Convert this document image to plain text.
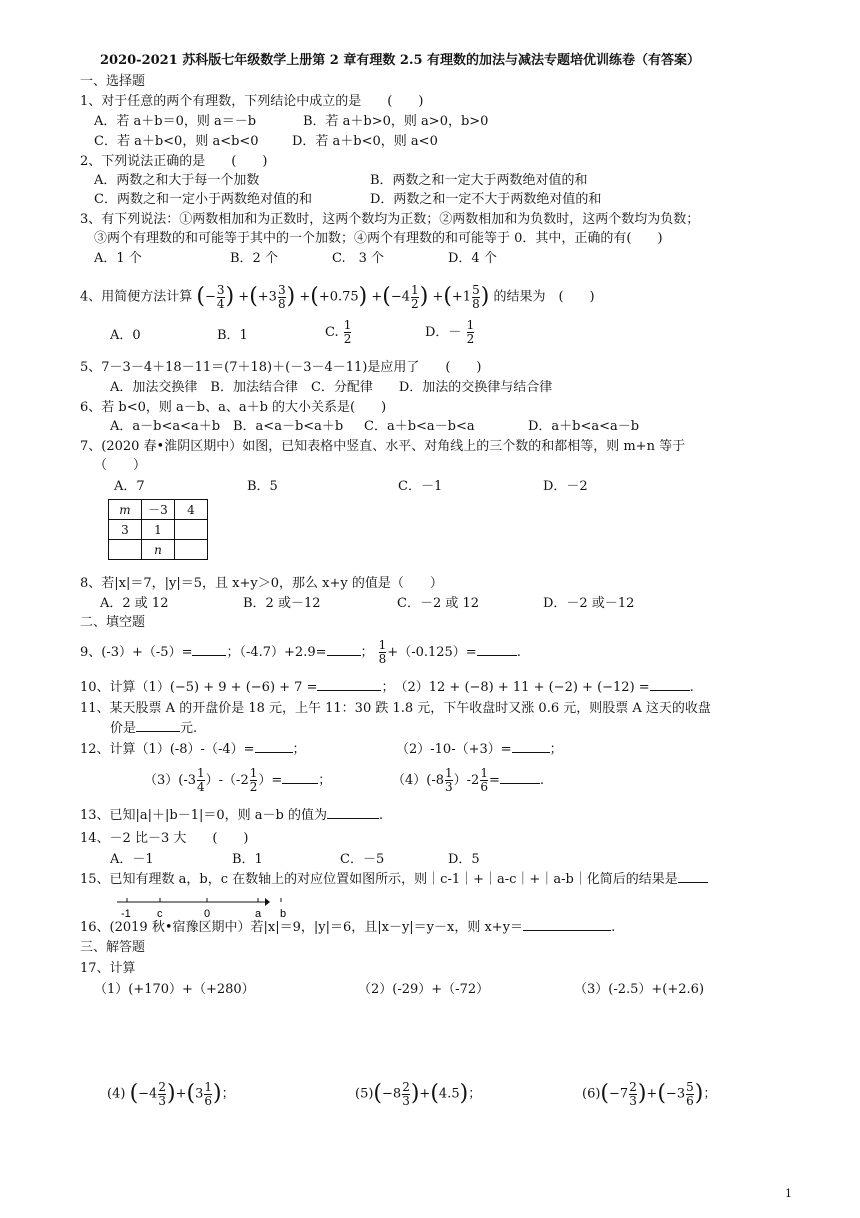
2020-2021 苏科版七年级数学上册第 2 章有理数 2.5 有理数的加法与减法专题培优训练卷（有答案）
一、选择题
1、对于任意的两个有理数，下列结论中成立的是　　(　　)
A．若 a＋b＝0，则 a＝－b	B．若 a＋b>0，则 a>0，b>0
C．若 a＋b<0，则 a<b<0	D．若 a＋b<0，则 a<0
2、下列说法正确的是　　(　　)
A．两数之和大于每一个加数	B．两数之和一定大于两数绝对值的和
C．两数之和一定小于两数绝对值的和	D．两数之和一定不大于两数绝对值的和
3、有下列说法：①两数相加和为正数时，这两个数均为正数；②两数相加和为负数时，这两个数均为负数；
③两个有理数的和可能等于其中的一个加数；④两个有理数的和可能等于 0．其中，正确的有(　　)
A．1 个	B．2 个	C.　3 个	D．4 个
4、用简便方法计算 (− $\frac{3}{4}$ ) $+(+3 \frac{3}{8}$ ) $+(+0.75) +(-4 \frac{1}{2}$ ) $+(+1 \frac{5}{8}$ ) 的结果为　(　　)
A．0	B．1	C. $\frac{1}{2}$	D．－ $\frac{1}{2}$
5、7－3－4＋18－11＝(7＋18)＋(－3－4－11)是应用了　　(　　)
A．加法交换律　B．加法结合律　C．分配律　　D．加法的交换律与结合律
6、若 b<0，则 a－b、a、a＋b 的大小关系是(　　)
A．a－b<a<a＋b B．a<a－b<a＋b C．a＋b<a－b<a	D．a＋b<a<a－b
7、(2020 春•淮阴区期中）如图，已知表格中竖直、水平、对角线上的三个数的和都相等，则 m+n 等于
（　　）
A．7	B．5	C．－1	D．－2
m	－3	4
3	1	
	n	
8、若|x|＝7，|y|＝5，且 x+y＞0，那么 x+y 的值是（　　）
A．2 或 12	B．2 或－12	C．－2 或 12	D．－2 或－12
二、填空题
9、(-3）+（-5）=	；（-4.7）+2.9=	； $\frac{1}{8} +(-0.125)=$	.
10、计算（1）(−5) + 9 + (−6) + 7 =	；　（2）12 + (−8) + 11 + (−2) + (−12) =	.
11、某天股票 A 的开盘价是 18 元，上午 11：30 跌 1.8 元，下午收盘时又涨 0.6 元，则股票 A 这天的收盘
价是	元.
12、计算（1）(-8）-（-4）=	；	（2）-10-（+3）=	；
$(3)(-3 \frac{1}{4} )-(-2 \frac{1}{2}$ ）=	；	$(4)(-8 \frac{1}{3} )-2 \frac{1}{6}$ =	.
13、已知|a|＋|b－1|＝0，则 a－b 的值为	.
14、－2 比－3 大　　(　　)
A．－1	B．1	C．－5	D．5
15、已知有理数 a，b，c 在数轴上的对应位置如图所示，则｜c-1｜+｜a-c｜+｜a-b｜化简后的结果是
-1 c	0	a b
16、(2019 秋•宿豫区期中）若|x|＝9，|y|＝6，且|x－y|＝y－x，则 x+y＝	.
三、解答题
17、计算
（1）(+170）+（+280）	（2）(-29）+（-72）	（3）(-2.5）+(+2.6)
(4) $(-4 \frac{2}{3} )+(3 \frac{1}{6}$ )；	$(5)(-8 \frac{2}{3} )+(4.5)$；	$(6)(-7 \frac{2}{3} )+(-3 \frac{5}{6}$ )；
1
